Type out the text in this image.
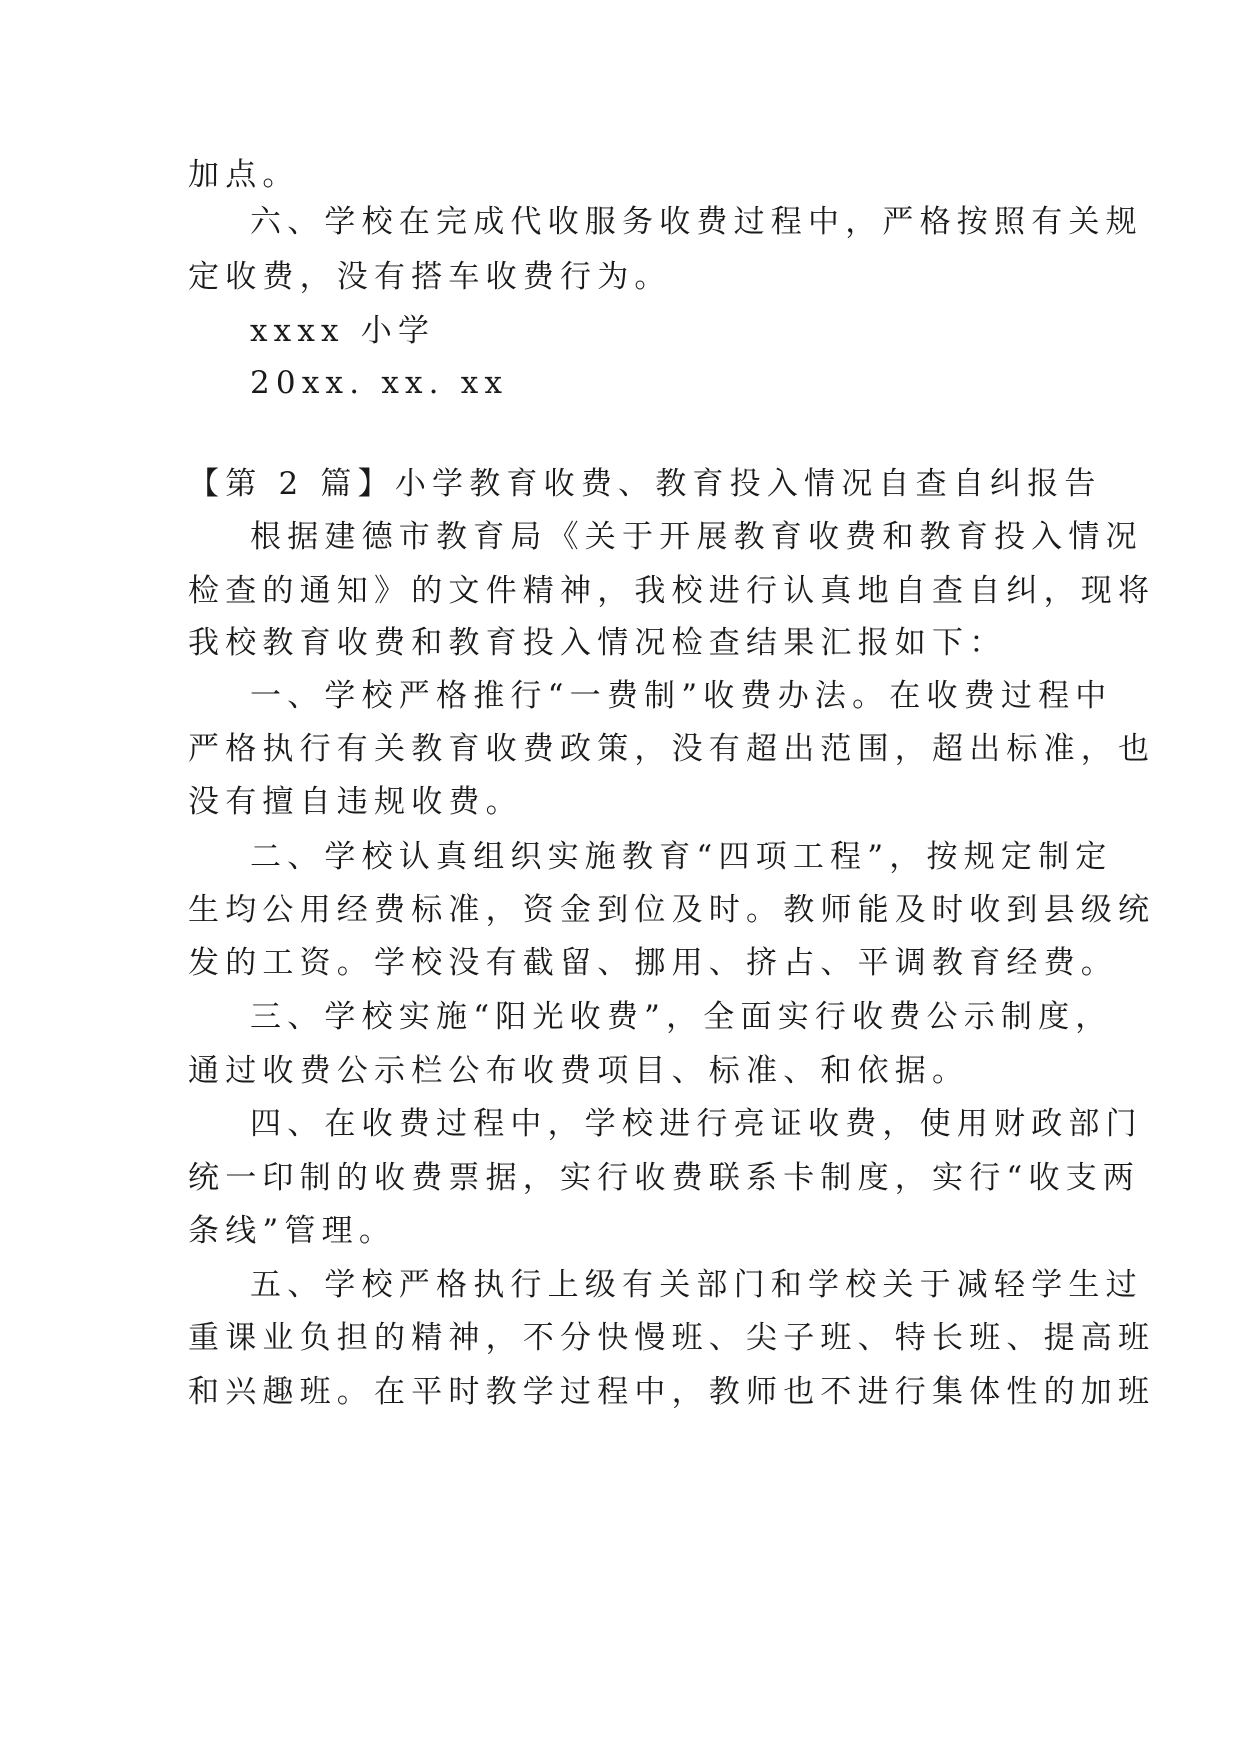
加点。
六、学校在完成代收服务收费过程中，严格按照有关规
定收费，没有搭车收费行为。
xxxx 小学
20xx. xx. xx
【第 2 篇】小学教育收费、教育投入情况自查自纠报告
根据建德市教育局《关于开展教育收费和教育投入情况
检查的通知》的文件精神，我校进行认真地自查自纠，现将
我校教育收费和教育投入情况检查结果汇报如下：
一、学校严格推行“一费制”收费办法。在收费过程中
严格执行有关教育收费政策，没有超出范围，超出标准，也
没有擅自违规收费。
二、学校认真组织实施教育“四项工程”，按规定制定
生均公用经费标准，资金到位及时。教师能及时收到县级统
发的工资。学校没有截留、挪用、挤占、平调教育经费。
三、学校实施“阳光收费”，全面实行收费公示制度，
通过收费公示栏公布收费项目、标准、和依据。
四、在收费过程中，学校进行亮证收费，使用财政部门
统一印制的收费票据，实行收费联系卡制度，实行“收支两
条线”管理。
五、学校严格执行上级有关部门和学校关于减轻学生过
重课业负担的精神，不分快慢班、尖子班、特长班、提高班
和兴趣班。在平时教学过程中，教师也不进行集体性的加班
